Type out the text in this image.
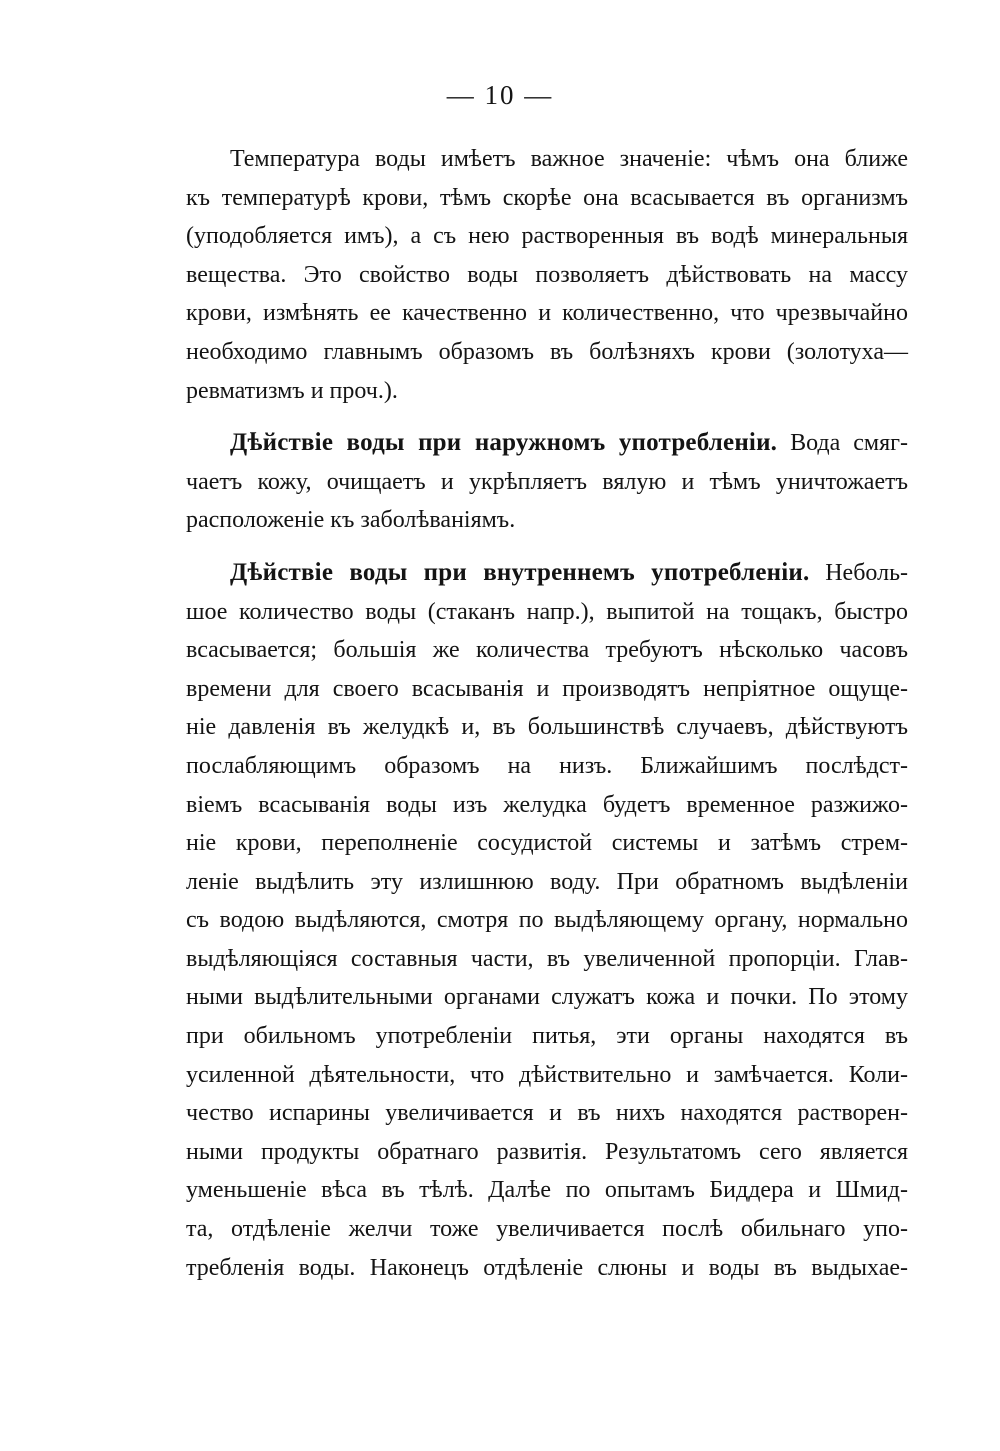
— 10 —
Температура воды имѣетъ важное значеніе: чѣмъ она ближе
къ температурѣ крови, тѣмъ скорѣе она всасывается въ организмъ
(уподобляется имъ), а съ нею растворенныя въ водѣ минеральныя
вещества. Это свойство воды позволяетъ дѣйствовать на массу
крови, измѣнять ее качественно и количественно, что чрезвычайно
необходимо главнымъ образомъ въ болѣзняхъ крови (золотуха—
ревматизмъ и проч.).
Дѣйствіе воды при наружномъ употребленіи. Вода смяг-
чаетъ кожу, очищаетъ и укрѣпляетъ вялую и тѣмъ уничтожаетъ
расположеніе къ заболѣваніямъ.
Дѣйствіе воды при внутреннемъ употребленіи. Неболь-
шое количество воды (стаканъ напр.), выпитой на тощакъ, быстро
всасывается; большія же количества требуютъ нѣсколько часовъ
времени для своего всасыванія и производятъ непріятное ощуще-
ніе давленія въ желудкѣ и, въ большинствѣ случаевъ, дѣйствуютъ
послабляющимъ образомъ на низъ. Ближайшимъ послѣдст-
віемъ всасыванія воды изъ желудка будетъ временное разжижо-
ніе крови, переполненіе сосудистой системы и затѣмъ стрем-
леніе выдѣлить эту излишнюю воду. При обратномъ выдѣленіи
съ водою выдѣляются, смотря по выдѣляющему органу, нормально
выдѣляющіяся составныя части, въ увеличенной пропорціи. Глав-
ными выдѣлительными органами служатъ кожа и почки. По этому
при обильномъ употребленіи питья, эти органы находятся въ
усиленной дѣятельности, что дѣйствительно и замѣчается. Коли-
чество испарины увеличивается и въ нихъ находятся растворен-
ными продукты обратнаго развитія. Результатомъ сего является
уменьшеніе вѣса въ тѣлѣ. Далѣе по опытамъ Биддера и Шмид-
та, отдѣленіе желчи тоже увеличивается послѣ обильнаго упо-
требленія воды. Наконецъ отдѣленіе слюны и воды въ выдыхае-
